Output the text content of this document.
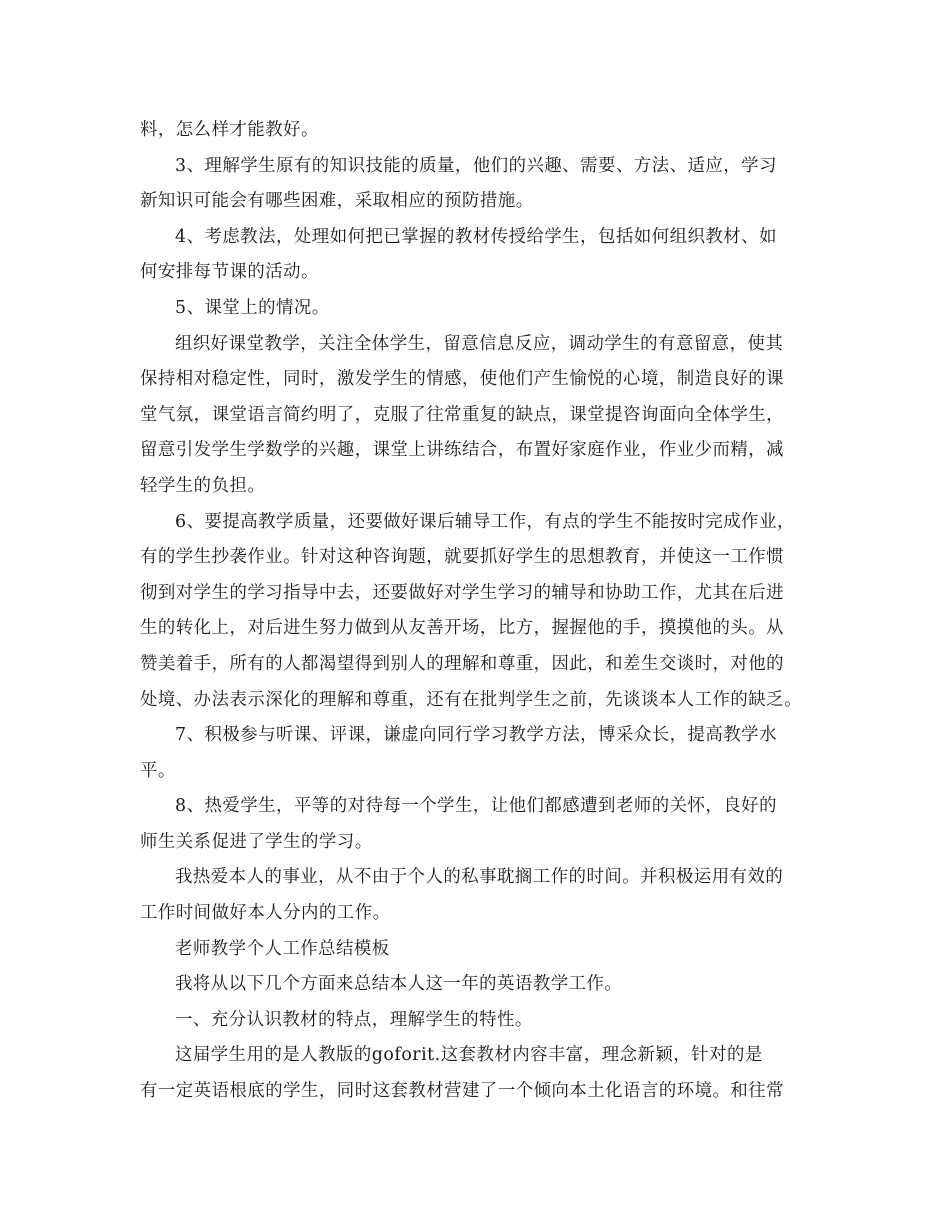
料，怎么样才能教好。
3、理解学生原有的知识技能的质量，他们的兴趣、需要、方法、适应，学习
新知识可能会有哪些困难，采取相应的预防措施。
4、考虑教法，处理如何把已掌握的教材传授给学生，包括如何组织教材、如
何安排每节课的活动。
5、课堂上的情况。
组织好课堂教学，关注全体学生，留意信息反应，调动学生的有意留意，使其
保持相对稳定性，同时，激发学生的情感，使他们产生愉悦的心境，制造良好的课
堂气氛，课堂语言简约明了，克服了往常重复的缺点，课堂提咨询面向全体学生，
留意引发学生学数学的兴趣，课堂上讲练结合，布置好家庭作业，作业少而精，减
轻学生的负担。
6、要提高教学质量，还要做好课后辅导工作，有点的学生不能按时完成作业，
有的学生抄袭作业。针对这种咨询题，就要抓好学生的思想教育，并使这一工作惯
彻到对学生的学习指导中去，还要做好对学生学习的辅导和协助工作，尤其在后进
生的转化上，对后进生努力做到从友善开场，比方，握握他的手，摸摸他的头。从
赞美着手，所有的人都渴望得到别人的理解和尊重，因此，和差生交谈时，对他的
处境、办法表示深化的理解和尊重，还有在批判学生之前，先谈谈本人工作的缺乏。
7、积极参与听课、评课，谦虚向同行学习教学方法，博采众长，提高教学水
平。
8、热爱学生，平等的对待每一个学生，让他们都感遭到老师的关怀，良好的
师生关系促进了学生的学习。
我热爱本人的事业，从不由于个人的私事耽搁工作的时间。并积极运用有效的
工作时间做好本人分内的工作。
老师教学个人工作总结模板
我将从以下几个方面来总结本人这一年的英语教学工作。
一、充分认识教材的特点，理解学生的特性。
这届学生用的是人教版的goforit.这套教材内容丰富，理念新颖，针对的是
有一定英语根底的学生，同时这套教材营建了一个倾向本土化语言的环境。和往常
